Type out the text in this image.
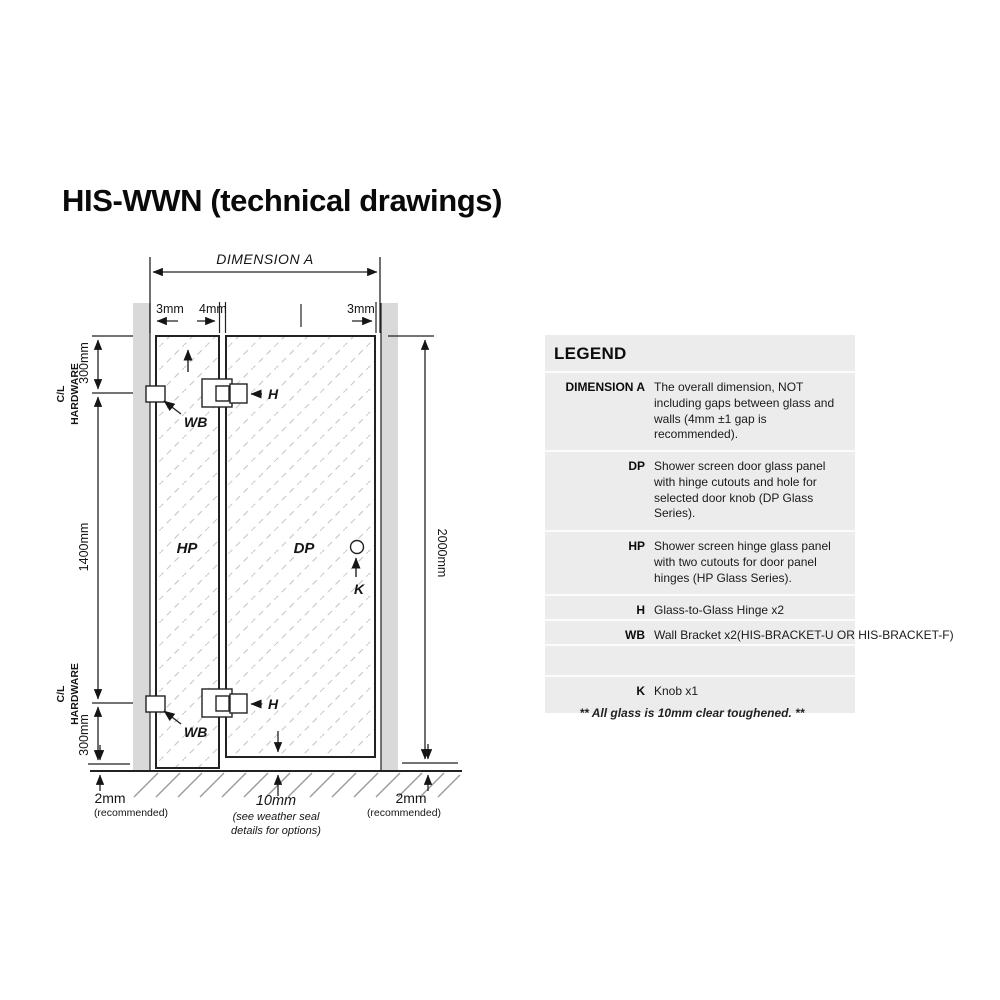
HIS-WWN (technical drawings)
DIMENSION A
3mm 4mm	3mm
300mm
C/L HARDWARE
1400mm
C/L HARDWARE
300mm
2000mm
2mm
(recommended)
10mm
(see weather seal
details for options)
2mm
(recommended)
WB
WB
H
H
HP	DP
K
LEGEND
DIMENSION A The overall dimension, NOT including gaps between glass and walls (4mm ±1 gap is recommended).
DP Shower screen door glass panel with hinge cutouts and hole for selected door knob (DP Glass Series).
HP Shower screen hinge glass panel with two cutouts for door panel hinges (HP Glass Series).
H Glass-to-Glass Hinge x2
WB Wall Bracket x2(HIS-BRACKET-U OR HIS-BRACKET-F)
K Knob x1
** All glass is 10mm clear toughened. **
